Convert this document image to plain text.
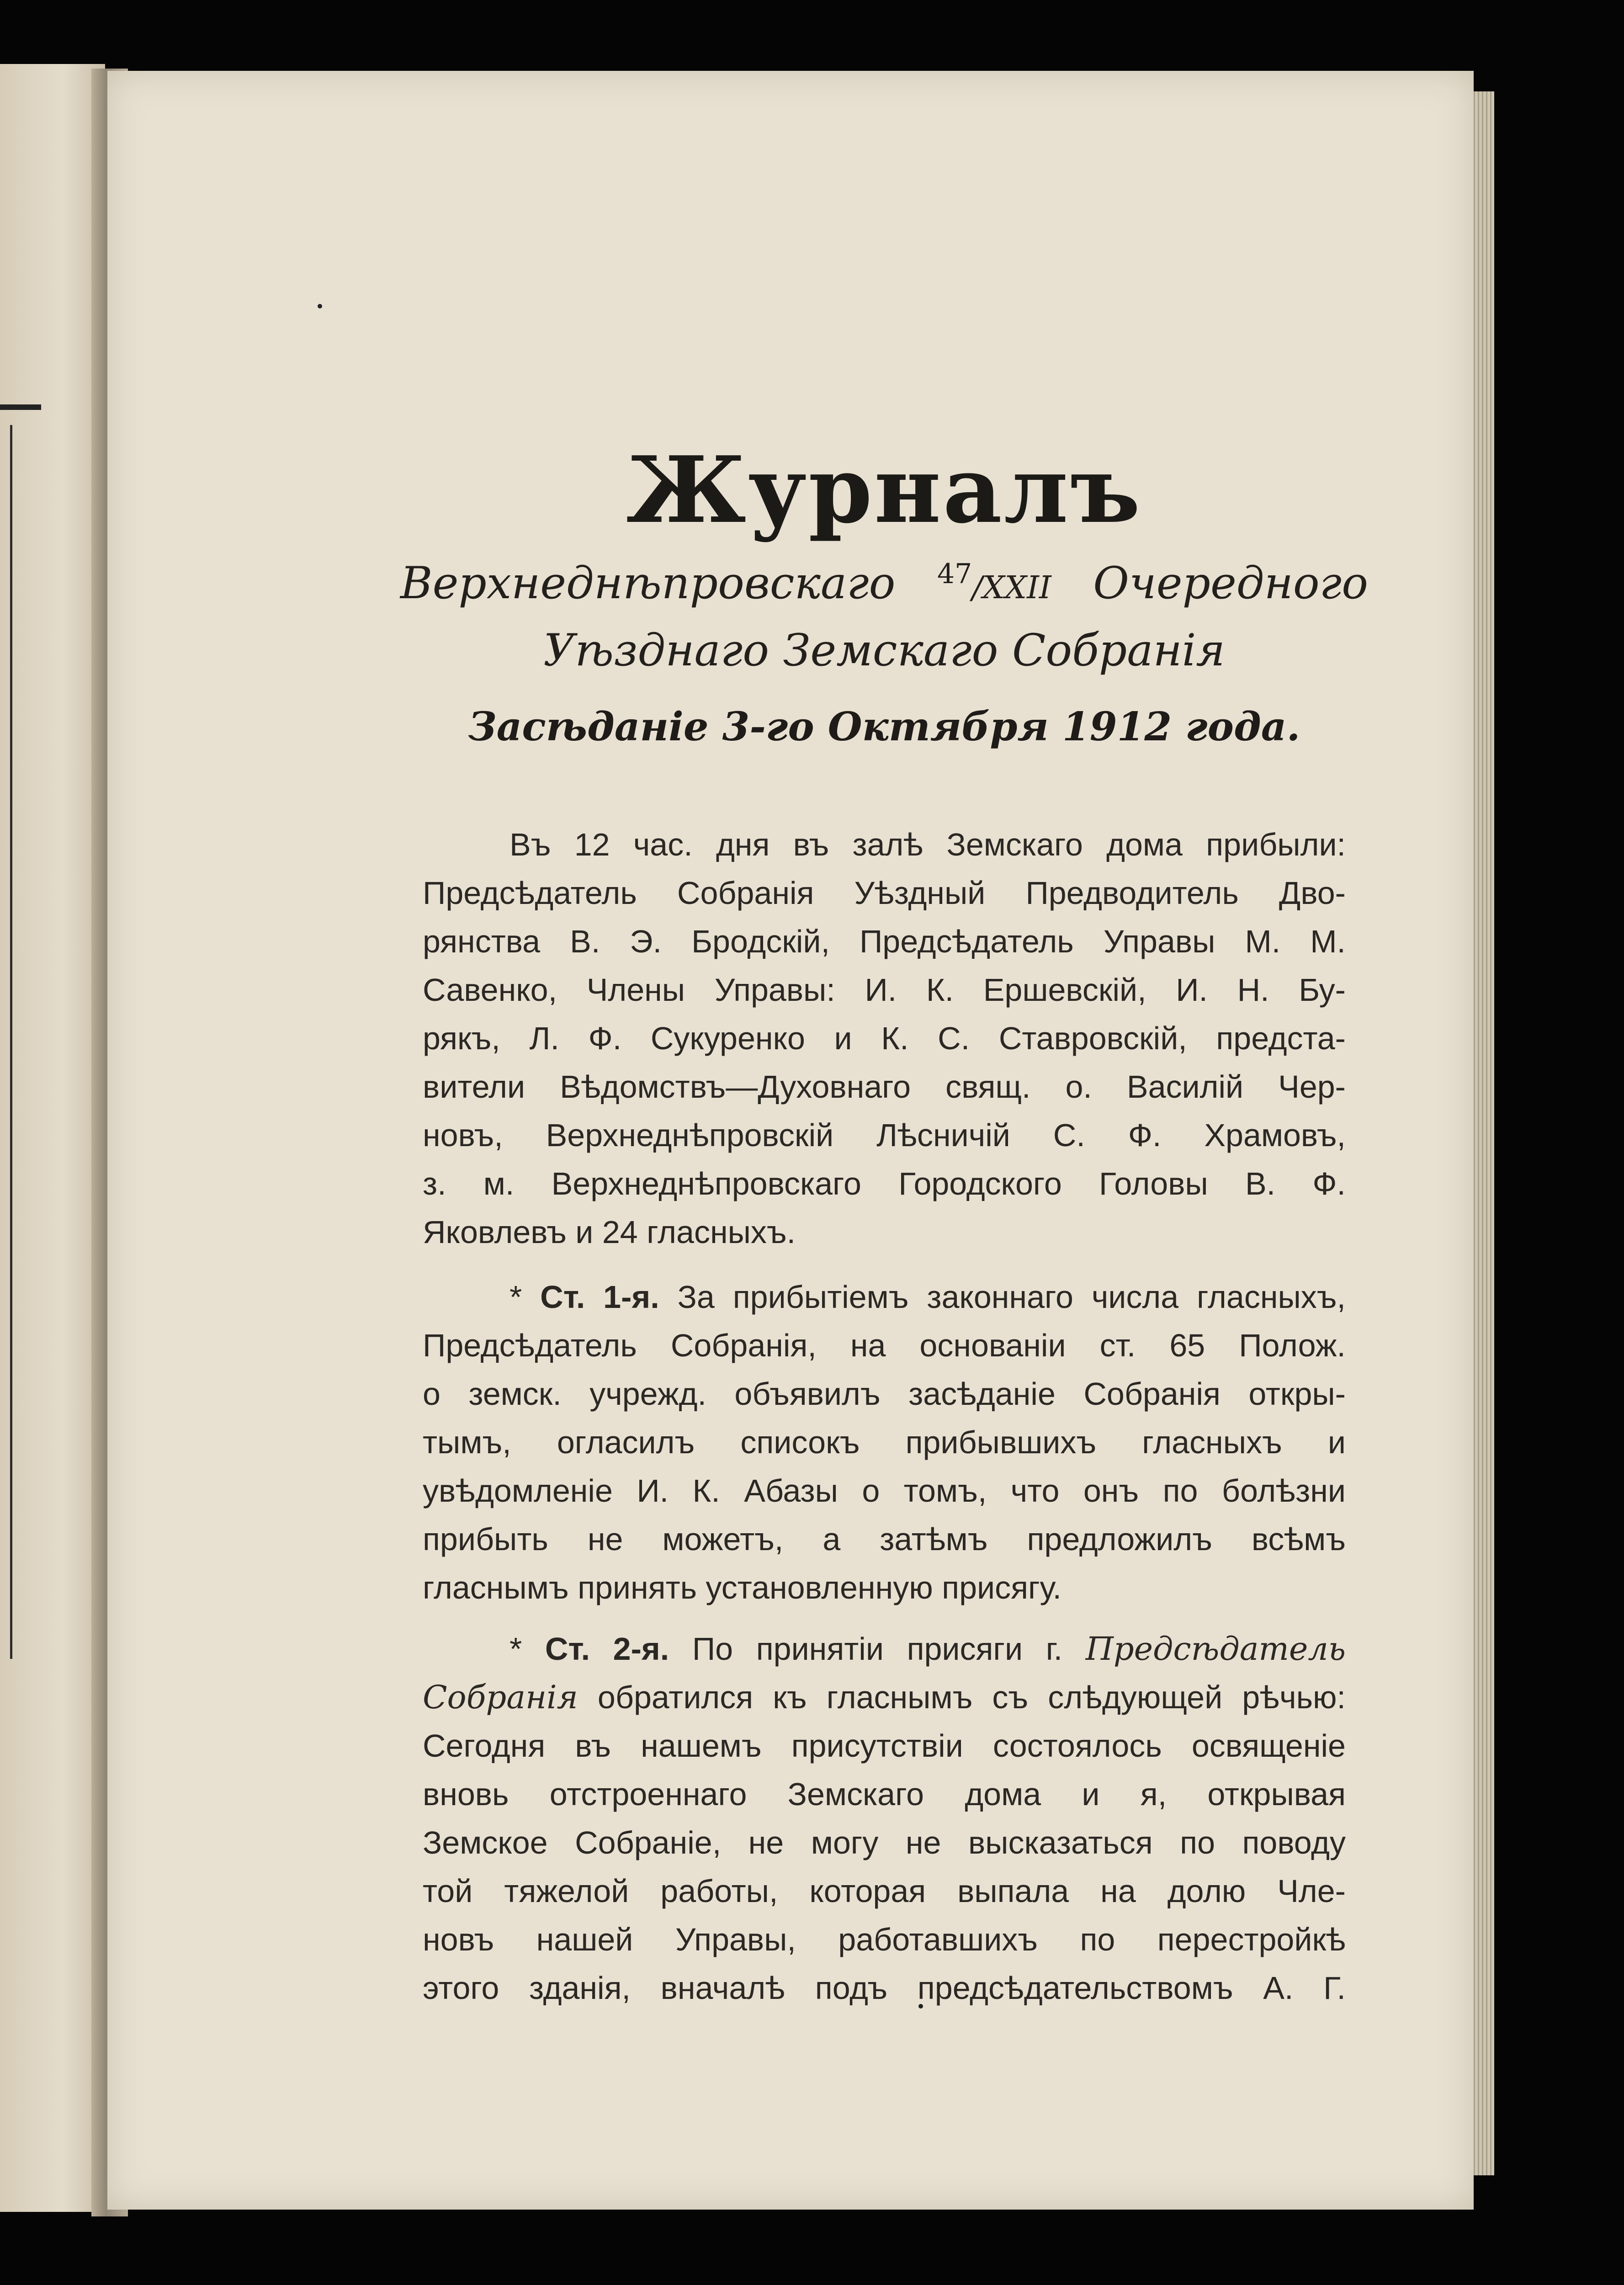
Журналъ

Верхнеднѣпровскаго $^{47}$/XXII Очередного

Уѣзднаго Земскаго Собранія

Засѣданіе 3-го Октября 1912 года.

Въ 12 час. дня въ залѣ Земскаго дома прибыли:
Предсѣдатель Собранія Уѣздный Предводитель Дво-
рянства В. Э. Бродскій, Предсѣдатель Управы М. М.
Савенко, Члены Управы: И. К. Ершевскій, И. Н. Бу-
рякъ, Л. Ф. Сукуренко и К. С. Ставровскій, предста-
вители Вѣдомствъ—Духовнаго свящ. о. Василій Чер-
новъ, Верхнеднѣпровскій Лѣсничій С. Ф. Храмовъ,
з. м. Верхнеднѣпровскаго Городского Головы В. Ф.
Яковлевъ и 24 гласныхъ.
* Ст. 1-я. За прибытіемъ законнаго числа гласныхъ,
Предсѣдатель Собранія, на основаніи ст. 65 Полож.
о земск. учрежд. объявилъ засѣданіе Собранія откры-
тымъ, огласилъ списокъ прибывшихъ гласныхъ и
увѣдомленіе И. К. Абазы о томъ, что онъ по болѣзни
прибыть не можетъ, а затѣмъ предложилъ всѣмъ
гласнымъ принять установленную присягу.
* Ст. 2-я. По принятіи присяги г. Предсѣдатель
Собранія обратился къ гласнымъ съ слѣдующей рѣчью:
Сегодня въ нашемъ присутствіи состоялось освященіе
вновь отстроеннаго Земскаго дома и я, открывая
Земское Собраніе, не могу не высказаться по поводу
той тяжелой работы, которая выпала на долю Чле-
новъ нашей Управы, работавшихъ по перестройкѣ
этого зданія, вначалѣ подъ предсѣдательствомъ А. Г.
